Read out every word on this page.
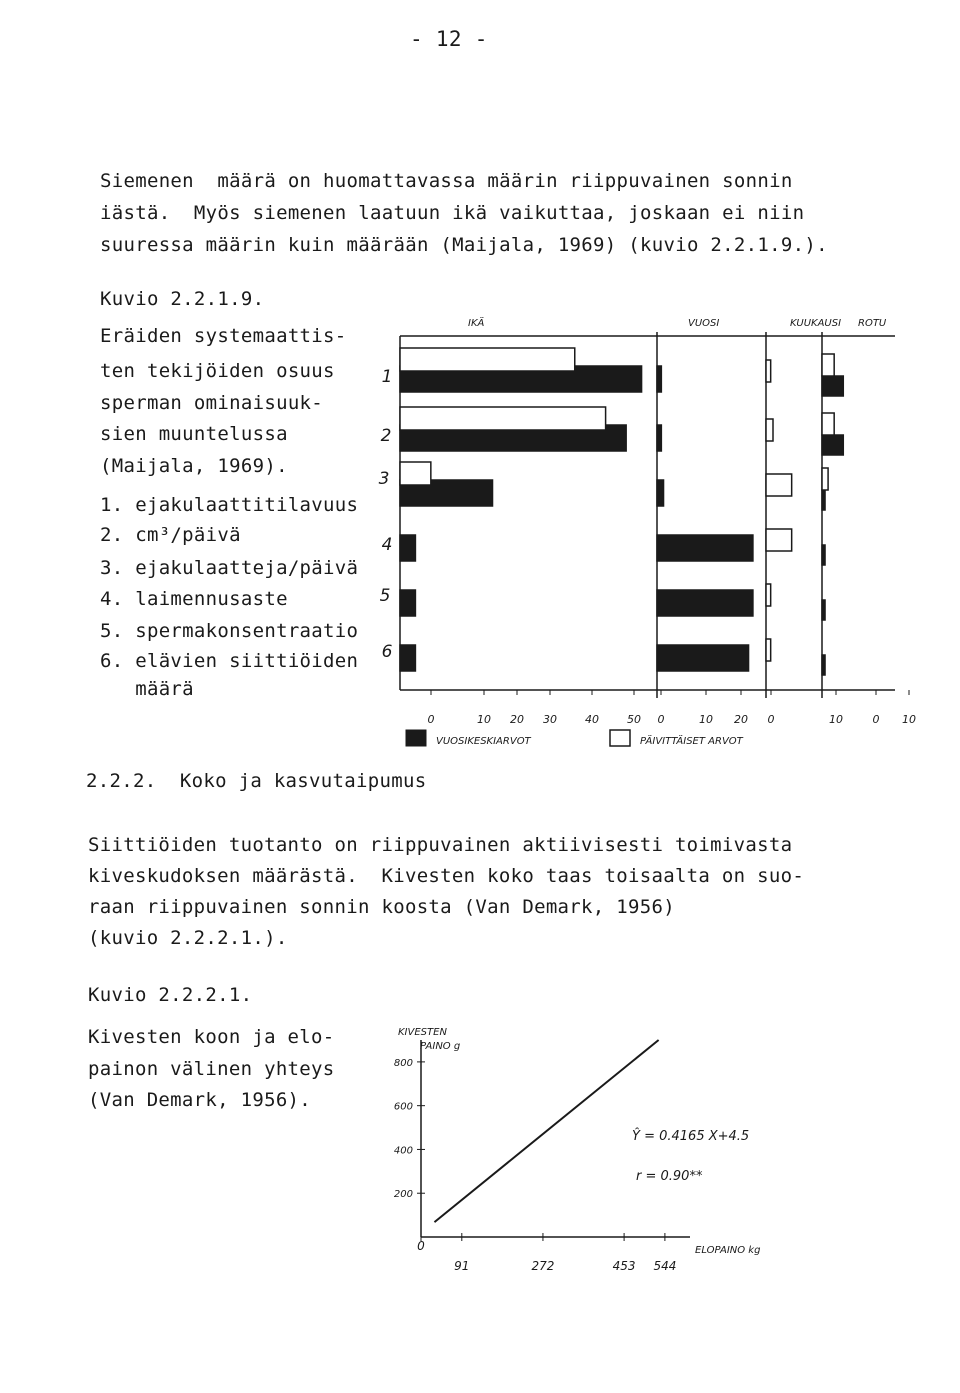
- 12 -
Siemenen  määrä on huomattavassa määrin riippuvainen sonnin
iästä.  Myös siemenen laatuun ikä vaikuttaa, joskaan ei niin
suuressa määrin kuin määrään (Maijala, 1969) (kuvio 2.2.1.9.).
Kuvio 2.2.1.9.
Eräiden systemaattis-
ten tekijöiden osuus
sperman ominaisuuk-
sien muuntelussa
(Maijala, 1969).
1. ejakulaattitilavuus
2. cm³/päivä
3. ejakulaatteja/päivä
4. laimennusaste
5. spermakonsentraatio
6. elävien siittiöiden
määrä
2.2.2.  Koko ja kasvutaipumus
Siittiöiden tuotanto on riippuvainen aktiivisesti toimivasta
kiveskudoksen määrästä.  Kivesten koko taas toisaalta on suo-
raan riippuvainen sonnin koosta (Van Demark, 1956)
(kuvio 2.2.2.1.).
Kuvio 2.2.2.1.
Kivesten koon ja elo-
painon välinen yhteys
(Van Demark, 1956).
IKÄ	VUOSI	KUUKAUSI ROTU
1
2
3
4
5
6
0	10 20 30	40	50 0	10 20 0	10	0 10
VUOSIKESKIARVOT	PÄIVITTÄISET ARVOT
KIVESTEN
PAINO g
ELOPAINO kg
200
400
600
800
0
91	272	453 544
Ŷ = 0.4165 X+4.5
r = 0.90**
